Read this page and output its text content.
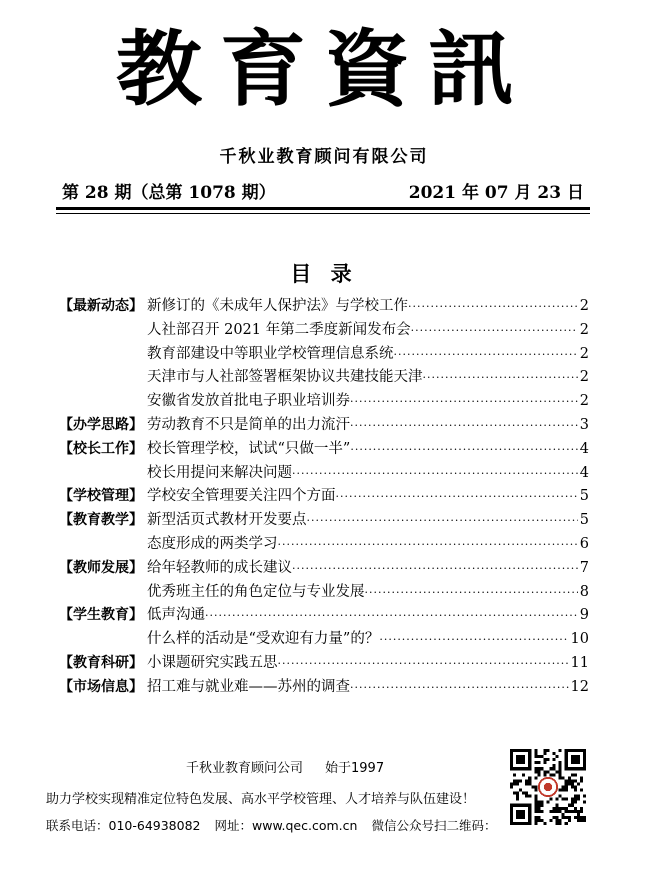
教育資訊
千秋业教育顾问有限公司
第 28 期（总第 1078 期）	2021 年 07 月 23 日
目 录
【最新动态】 新修订的《未成年人保护法》与学校工作 ·····	2
人社部召开 2021 年第二季度新闻发布会 ·····	2
教育部建设中等职业学校管理信息系统 ·····	2
天津市与人社部签署框架协议共建技能天津 ·····	2
安徽省发放首批电子职业培训券 ·····	2
【办学思路】 劳动教育不只是简单的出力流汗 ·····	3
【校长工作】 校长管理学校，试试“只做一半” ·····	4
校长用提问来解决问题 ·····	4
【学校管理】 学校安全管理要关注四个方面 ·····	5
【教育教学】 新型活页式教材开发要点 ·····	5
态度形成的两类学习 ·····	6
【教师发展】 给年轻教师的成长建议 ·····	7
优秀班主任的角色定位与专业发展 ·····	8
【学生教育】 低声沟通 ·····	9
什么样的活动是“受欢迎有力量”的？ ·····	10
【教育科研】 小课题研究实践五思 ·····	11
【市场信息】 招工难与就业难——苏州的调查 ·····	12
千秋业教育顾问公司 始于1997
助力学校实现精准定位特色发展、高水平学校管理、人才培养与队伍建设！
联系电话：010-64938082 网址：www.qec.com.cn 微信公众号扫二维码：
